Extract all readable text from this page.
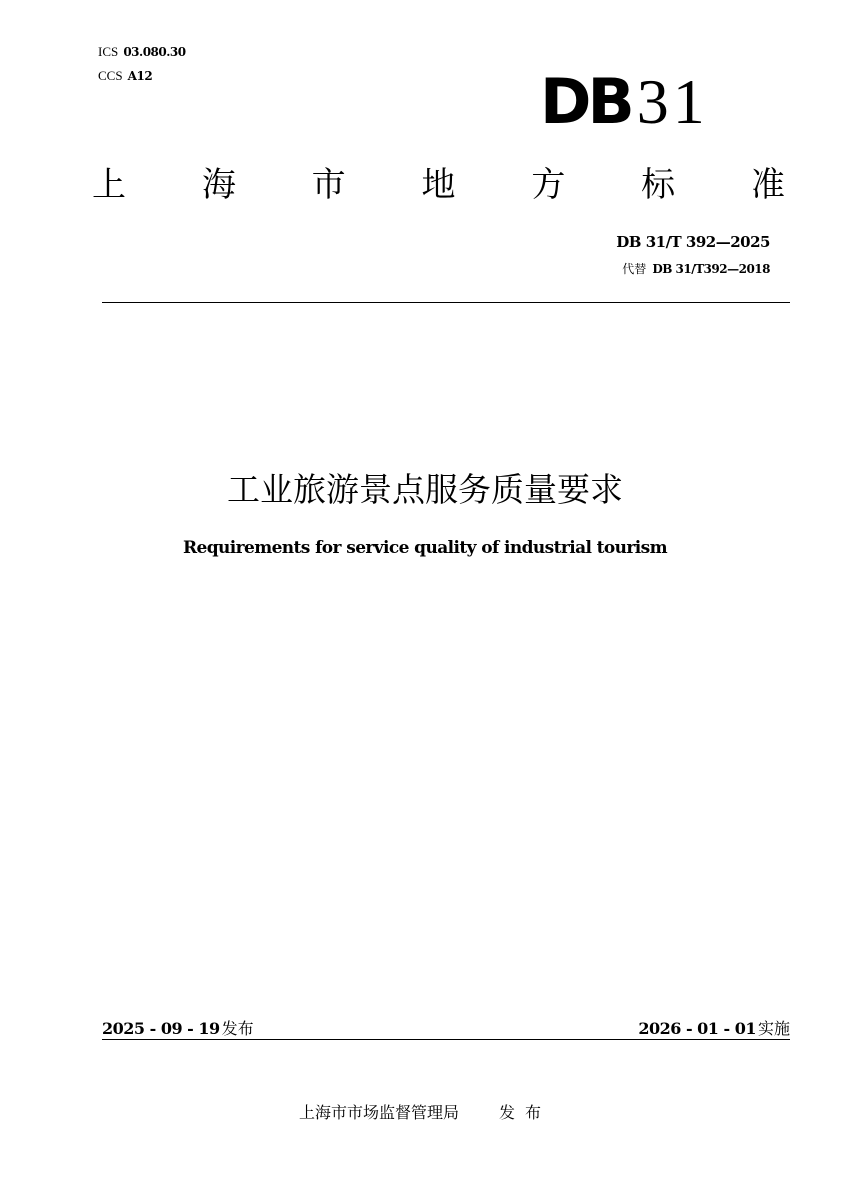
ICS 03.080.30
CCS A12	DB31
上 海 市 地 方 标 准
DB 31/T 392—2025
代替 DB 31/T392—2018
工业旅游景点服务质量要求
Requirements for service quality of industrial tourism
2025 - 09 - 19 发布	2026 - 01 - 01 实施
上海市市场监督管理局	发布
